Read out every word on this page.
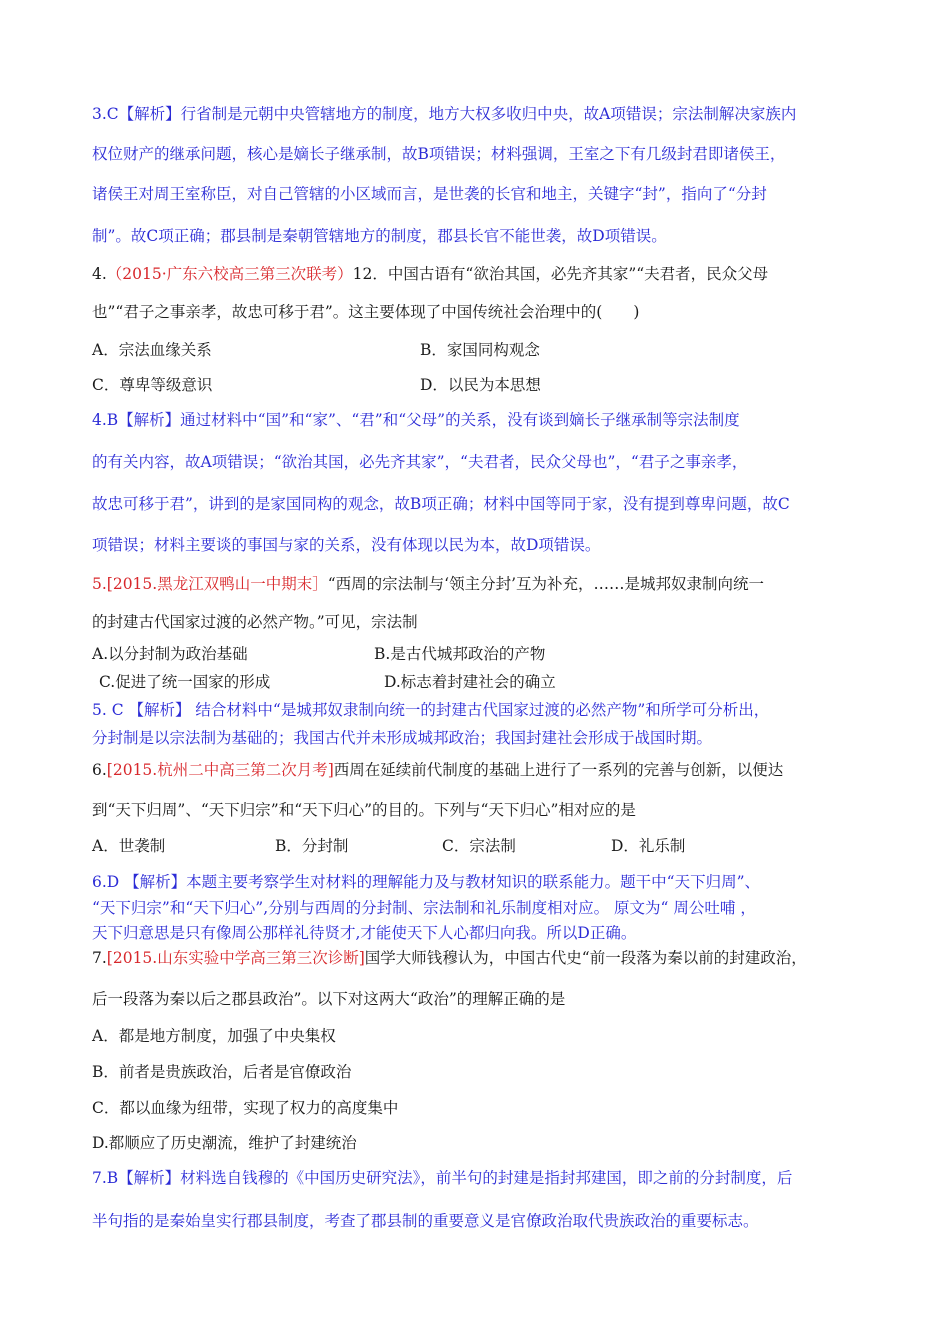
3.C【解析】行省制是元朝中央管辖地方的制度，地方大权多收归中央，故A项错误；宗法制解决家族内
权位财产的继承问题，核心是嫡长子继承制，故B项错误；材料强调，王室之下有几级封君即诸侯王，
诸侯王对周王室称臣，对自己管辖的小区域而言，是世袭的长官和地主，关键字“封”，指向了“分封
制”。故C项正确；郡县制是秦朝管辖地方的制度，郡县长官不能世袭，故D项错误。
4.（2015·广东六校高三第三次联考）12．中国古语有“欲治其国，必先齐其家”“夫君者，民众父母
也”“君子之事亲孝，故忠可移于君”。这主要体现了中国传统社会治理中的(　　)
A．宗法血缘关系	B．家国同构观念
C．尊卑等级意识	D．以民为本思想
4.B【解析】通过材料中“国”和“家”、“君”和“父母”的关系，没有谈到嫡长子继承制等宗法制度
的有关内容，故A项错误；“欲治其国，必先齐其家”，“夫君者，民众父母也”，“君子之事亲孝，
故忠可移于君”，讲到的是家国同构的观念，故B项正确；材料中国等同于家，没有提到尊卑问题，故C
项错误；材料主要谈的事国与家的关系，没有体现以民为本，故D项错误。
5.[2015.黑龙江双鸭山一中期末］“西周的宗法制与‘领主分封’互为补充，……是城邦奴隶制向统一
的封建古代国家过渡的必然产物。”可见，宗法制
A.以分封制为政治基础	B.是古代城邦政治的产物
C.促进了统一国家的形成	D.标志着封建社会的确立
5. C 【解析】 结合材料中“是城邦奴隶制向统一的封建古代国家过渡的必然产物”和所学可分析出，
分封制是以宗法制为基础的；我国古代并未形成城邦政治；我国封建社会形成于战国时期。
6.[2015.杭州二中高三第二次月考]西周在延续前代制度的基础上进行了一系列的完善与创新，以便达
到“天下归周”、“天下归宗”和“天下归心”的目的。下列与“天下归心”相对应的是
A．世袭制	B．分封制	C．宗法制	D．礼乐制
6.D 【解析】本题主要考察学生对材料的理解能力及与教材知识的联系能力。题干中“天下归周”、
“天下归宗”和“天下归心”,分别与西周的分封制、宗法制和礼乐制度相对应。 原文为“ 周公吐哺 ，
天下归意思是只有像周公那样礼待贤才,才能使天下人心都归向我。所以D正确。
7.[2015.山东实验中学高三第三次诊断]国学大师钱穆认为，中国古代史“前一段落为秦以前的封建政治，
后一段落为秦以后之郡县政治”。以下对这两大“政治”的理解正确的是
A．都是地方制度，加强了中央集权
B．前者是贵族政治，后者是官僚政治
C．都以血缘为纽带，实现了权力的高度集中
D.都顺应了历史潮流，维护了封建统治
7.B【解析】材料选自钱穆的《中国历史研究法》，前半句的封建是指封邦建国，即之前的分封制度，后
半句指的是秦始皇实行郡县制度，考查了郡县制的重要意义是官僚政治取代贵族政治的重要标志。
